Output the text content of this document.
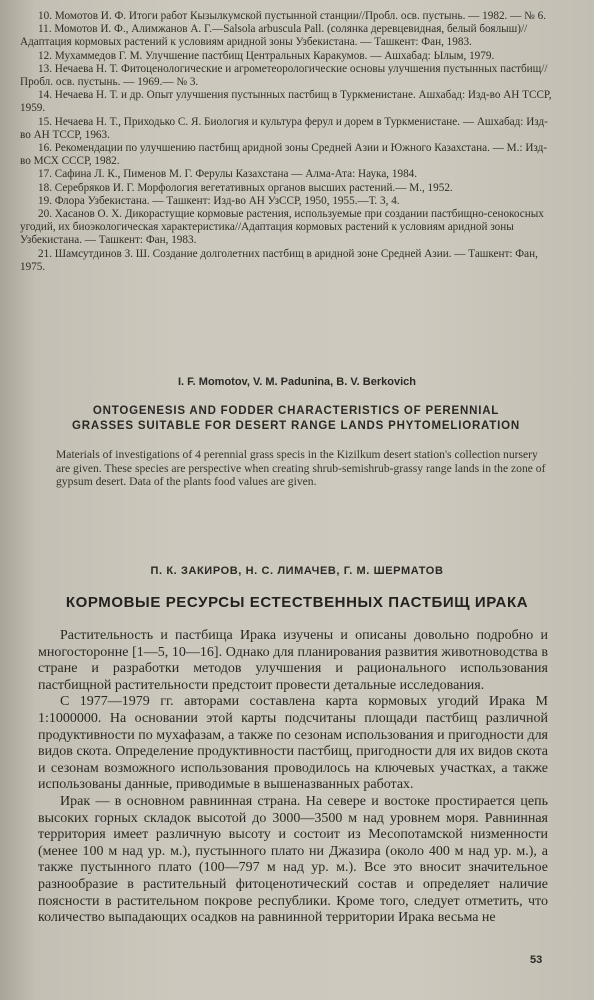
10. Момотов И. Ф. Итоги работ Кызылкумской пустынной станции//Пробл. осв. пустынь. — 1982. — № 6.

11. Момотов И. Ф., Алимжанов А. Г.—Salsola arbuscula Pall. (солянка деревцевидная, белый боялыш)//Адаптация кормовых растений к условиям аридной зоны Узбекистана. — Ташкент: Фан, 1983.

12. Мухаммедов Г. М. Улучшение пастбищ Центральных Каракумов. — Ашхабад: Ылым, 1979.

13. Нечаева Н. Т. Фитоценологические и агрометеорологические основы улучшения пустынных пастбищ//Пробл. осв. пустынь. — 1969.— № 3.

14. Нечаева Н. Т. и др. Опыт улучшения пустынных пастбищ в Туркменистане. Ашхабад: Изд-во АН ТССР, 1959.

15. Нечаева Н. Т., Приходько С. Я. Биология и культура ферул и дорем в Туркменистане. — Ашхабад: Изд-во АН ТССР, 1963.

16. Рекомендации по улучшению пастбищ аридной зоны Средней Азии и Южного Казахстана. — М.: Изд-во МСХ СССР, 1982.

17. Сафина Л. К., Пименов М. Г. Ферулы Казахстана — Алма-Ата: Наука, 1984.

18. Серебряков И. Г. Морфология вегетативных органов высших растений.— М., 1952.

19. Флора Узбекистана. — Ташкент: Изд-во АН УзССР, 1950, 1955.—Т. 3, 4.

20. Хасанов О. Х. Дикорастущие кормовые растения, используемые при создании пастбищно-сенокосных угодий, их биоэкологическая характеристика//Адаптация кормовых растений к условиям аридной зоны Узбекистана. — Ташкент: Фан, 1983.

21. Шамсутдинов З. Ш. Создание долголетних пастбищ в аридной зоне Средней Азии. — Ташкент: Фан, 1975.

I. F. Momotov, V. M. Padunina, B. V. Berkovich
ONTOGENESIS AND FODDER CHARACTERISTICS OF PERENNIAL
GRASSES SUITABLE FOR DESERT RANGE LANDS PHYTOMELIORATION
Materials of investigations of 4 perennial grass specis in the Kizilkum desert station's collection nursery are given. These species are perspective when creating shrub-semishrub-grassy range lands in the zone of gypsum desert. Data of the plants food values are given.
П. К. ЗАКИРОВ, Н. С. ЛИМАЧЕВ, Г. М. ШЕРМАТОВ
КОРМОВЫЕ РЕСУРСЫ ЕСТЕСТВЕННЫХ ПАСТБИЩ ИРАКА

Растительность и пастбища Ирака изучены и описаны довольно подробно и многосторонне [1—5, 10—16]. Однако для планирования развития животноводства в стране и разработки методов улучшения и рационального использования пастбищной растительности предстоит провести детальные исследования.

С 1977—1979 гг. авторами составлена карта кормовых угодий Ирака М 1:1000000. На основании этой карты подсчитаны площади пастбищ различной продуктивности по мухафазам, а также по сезонам использования и пригодности для видов скота. Определение продуктивности пастбищ, пригодности для их видов скота и сезонам возможного использования проводилось на ключевых участках, а также использованы данные, приводимые в вышеназванных работах.

Ирак — в основном равнинная страна. На севере и востоке простирается цепь высоких горных складок высотой до 3000—3500 м над уровнем моря. Равнинная территория имеет различную высоту и состоит из Месопотамской низменности (менее 100 м над ур. м.), пустынного плато ни Джазира (около 400 м над ур. м.), а также пустынного плато (100—797 м над ур. м.). Все это вносит значительное разнообразие в растительный фитоценотический состав и определяет наличие поясности в растительном покрове республики. Кроме того, следует отметить, что количество выпадающих осадков на равнинной территории Ирака весьма не

53
